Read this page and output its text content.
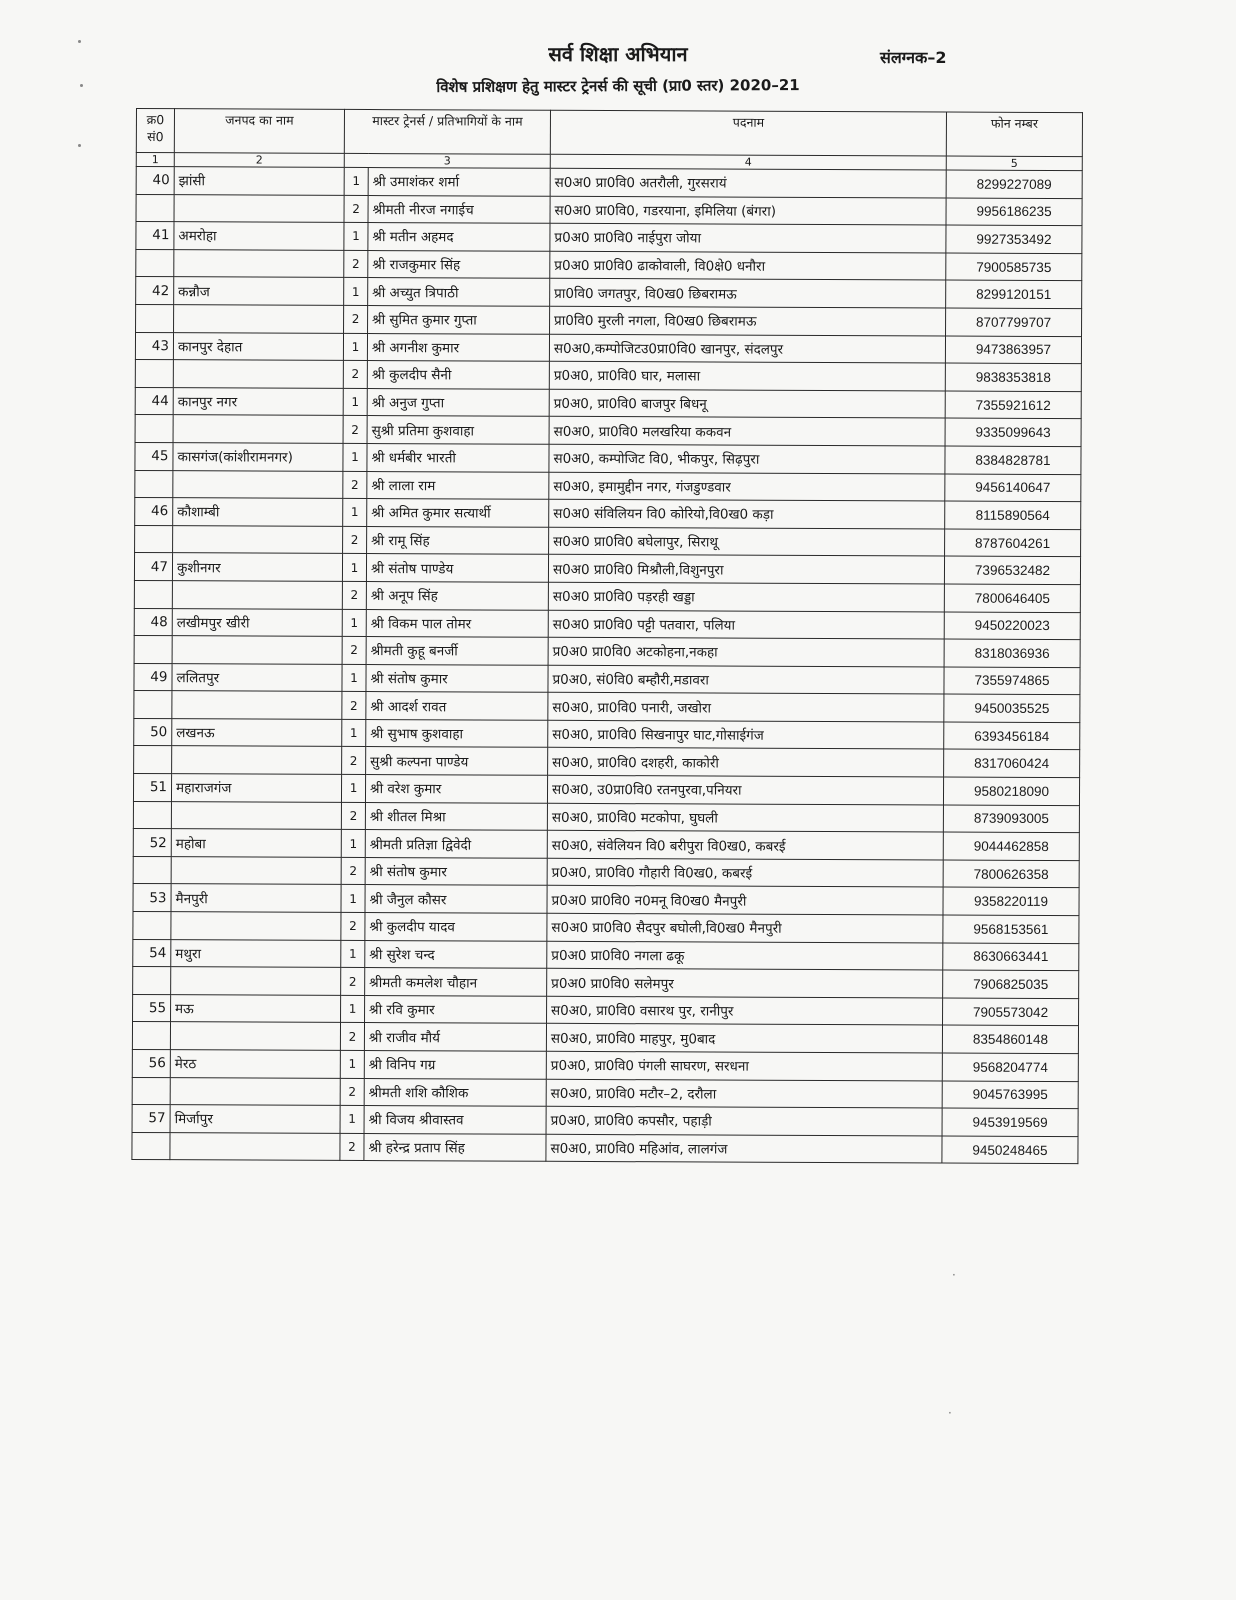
सर्व शिक्षा अभियान	संलग्नक–2
विशेष प्रशिक्षण हेतु मास्टर ट्रेनर्स की सूची (प्रा0 स्तर) 2020–21
क्र0 सं0	जनपद का नाम	मास्टर ट्रेनर्स / प्रतिभागियों के नाम		पदनाम	फोन नम्बर
1	2	3		4	5
40	झांसी	1	श्री उमाशंकर शर्मा	स0अ0 प्रा0वि0 अतरौली, गुरसरायं	8299227089
		2	श्रीमती नीरज नगाईच	स0अ0 प्रा0वि0, गडरयाना, इमिलिया (बंगरा)	9956186235
41	अमरोहा	1	श्री मतीन अहमद	प्र0अ0 प्रा0वि0 नाईपुरा जोया	9927353492
		2	श्री राजकुमार सिंह	प्र0अ0 प्रा0वि0 ढाकोवाली, वि0क्षे0 धनौरा	7900585735
42	कन्नौज	1	श्री अच्युत त्रिपाठी	प्रा0वि0 जगतपुर, वि0ख0 छिबरामऊ	8299120151
		2	श्री सुमित कुमार गुप्ता	प्रा0वि0 मुरली नगला, वि0ख0 छिबरामऊ	8707799707
43	कानपुर देहात	1	श्री अगनीश कुमार	स0अ0,कम्पोजिटउ0प्रा0वि0 खानपुर, संदलपुर	9473863957
		2	श्री कुलदीप सैनी	प्र0अ0, प्रा0वि0 घार, मलासा	9838353818
44	कानपुर नगर	1	श्री अनुज गुप्ता	प्र0अ0, प्रा0वि0 बाजपुर बिधनू	7355921612
		2	सुश्री प्रतिमा कुशवाहा	स0अ0, प्रा0वि0 मलखरिया ककवन	9335099643
45	कासगंज(कांशीरामनगर)	1	श्री धर्मबीर भारती	स0अ0, कम्पोजिट वि0, भीकपुर, सिढ़पुरा	8384828781
		2	श्री लाला राम	स0अ0, इमामुद्दीन नगर, गंजडुण्डवार	9456140647
46	कौशाम्बी	1	श्री अमित कुमार सत्यार्थी	स0अ0 संविलियन वि0 कोरियो,वि0ख0 कड़ा	8115890564
		2	श्री रामू सिंह	स0अ0 प्रा0वि0 बघेलापुर, सिराथू	8787604261
47	कुशीनगर	1	श्री संतोष पाण्डेय	स0अ0 प्रा0वि0 मिश्रौली,विशुनपुरा	7396532482
		2	श्री अनूप सिंह	स0अ0 प्रा0वि0 पड़रही खड्डा	7800646405
48	लखीमपुर खीरी	1	श्री विकम पाल तोमर	स0अ0 प्रा0वि0 पट्टी पतवारा, पलिया	9450220023
		2	श्रीमती कुहू बनर्जी	प्र0अ0 प्रा0वि0 अटकोहना,नकहा	8318036936
49	ललितपुर	1	श्री संतोष कुमार	प्र0अ0, सं0वि0 बम्हौरी,मडावरा	7355974865
		2	श्री आदर्श रावत	स0अ0, प्रा0वि0 पनारी, जखोरा	9450035525
50	लखनऊ	1	श्री सुभाष कुशवाहा	स0अ0, प्रा0वि0 सिखनापुर घाट,गोसाईगंज	6393456184
		2	सुश्री कल्पना पाण्डेय	स0अ0, प्रा0वि0 दशहरी, काकोरी	8317060424
51	महाराजगंज	1	श्री वरेश कुमार	स0अ0, उ0प्रा0वि0 रतनपुरवा,पनियरा	9580218090
		2	श्री शीतल मिश्रा	स0अ0, प्रा0वि0 मटकोपा, घुघली	8739093005
52	महोबा	1	श्रीमती प्रतिज्ञा द्विवेदी	स0अ0, संवेलियन वि0 बरीपुरा वि0ख0, कबरई	9044462858
		2	श्री संतोष कुमार	प्र0अ0, प्रा0वि0 गौहारी वि0ख0, कबरई	7800626358
53	मैनपुरी	1	श्री जैनुल कौसर	प्र0अ0 प्रा0वि0 न0मनू वि0ख0 मैनपुरी	9358220119
		2	श्री कुलदीप यादव	स0अ0 प्रा0वि0 सैदपुर बघोली,वि0ख0 मैनपुरी	9568153561
54	मथुरा	1	श्री सुरेश चन्द	प्र0अ0 प्रा0वि0 नगला ढकू	8630663441
		2	श्रीमती कमलेश चौहान	प्र0अ0 प्रा0वि0 सलेमपुर	7906825035
55	मऊ	1	श्री रवि कुमार	स0अ0, प्रा0वि0 वसारथ पुर, रानीपुर	7905573042
		2	श्री राजीव मौर्य	स0अ0, प्रा0वि0 माहपुर, मु0बाद	8354860148
56	मेरठ	1	श्री विनिप गग्र	प्र0अ0, प्रा0वि0 पंगली साघरण, सरधना	9568204774
		2	श्रीमती शशि कौशिक	स0अ0, प्रा0वि0 मटौर–2, दरौला	9045763995
57	मिर्जापुर	1	श्री विजय श्रीवास्तव	प्र0अ0, प्रा0वि0 कपसौर, पहाड़ी	9453919569
		2	श्री हरेन्द्र प्रताप सिंह	स0अ0, प्रा0वि0 महिआंव, लालगंज	9450248465
·
·
